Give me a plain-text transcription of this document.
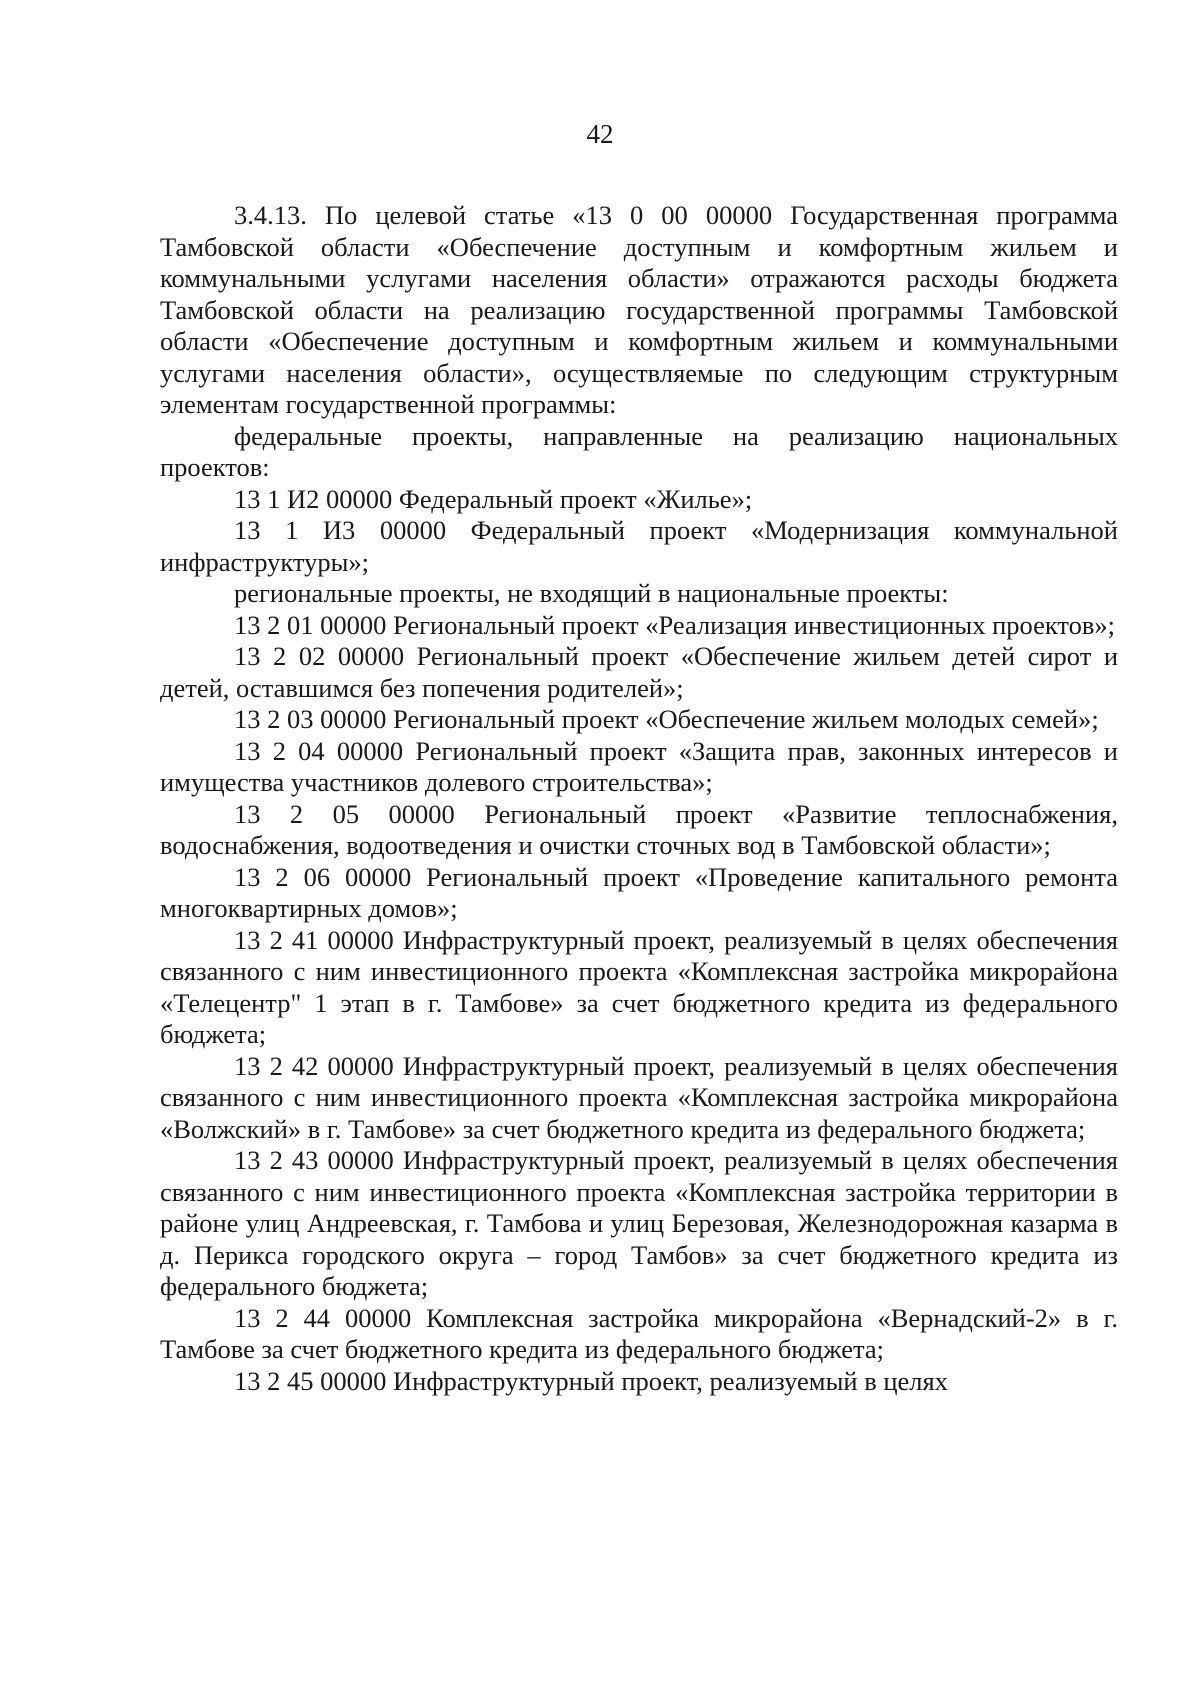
42

3.4.13. По целевой статье «13 0 00 00000 Государственная программа Тамбовской области «Обеспечение доступным и комфортным жильем и коммунальными услугами населения области» отражаются расходы бюджета Тамбовской области на реализацию государственной программы Тамбовской области «Обеспечение доступным и комфортным жильем и коммунальными услугами населения области», осуществляемые по следующим структурным элементам государственной программы:

федеральные проекты, направленные на реализацию национальных проектов:

13 1 И2 00000 Федеральный проект «Жилье»;

13 1 И3 00000 Федеральный проект «Модернизация коммунальной инфраструктуры»;

региональные проекты, не входящий в национальные проекты:

13 2 01 00000 Региональный проект «Реализация инвестиционных проектов»;

13 2 02 00000 Региональный проект «Обеспечение жильем детей сирот и детей, оставшимся без попечения родителей»;

13 2 03 00000 Региональный проект «Обеспечение жильем молодых семей»;

13 2 04 00000 Региональный проект «Защита прав, законных интересов и имущества участников долевого строительства»;

13 2 05 00000 Региональный проект «Развитие теплоснабжения, водоснабжения, водоотведения и очистки сточных вод в Тамбовской области»;

13 2 06 00000 Региональный проект «Проведение капитального ремонта многоквартирных домов»;

13 2 41 00000 Инфраструктурный проект, реализуемый в целях обеспечения связанного с ним инвестиционного проекта «Комплексная застройка микрорайона «Телецентр" 1 этап в г. Тамбове» за счет бюджетного кредита из федерального бюджета;

13 2 42 00000 Инфраструктурный проект, реализуемый в целях обеспечения связанного с ним инвестиционного проекта «Комплексная застройка микрорайона «Волжский» в г. Тамбове» за счет бюджетного кредита из федерального бюджета;

13 2 43 00000 Инфраструктурный проект, реализуемый в целях обеспечения связанного с ним инвестиционного проекта «Комплексная застройка территории в районе улиц Андреевская, г. Тамбова и улиц Березовая, Железнодорожная казарма в д. Перикса городского округа – город Тамбов» за счет бюджетного кредита из федерального бюджета;

13 2 44 00000 Комплексная застройка микрорайона «Вернадский-2» в г. Тамбове за счет бюджетного кредита из федерального бюджета;

13 2 45 00000 Инфраструктурный проект, реализуемый в целях
